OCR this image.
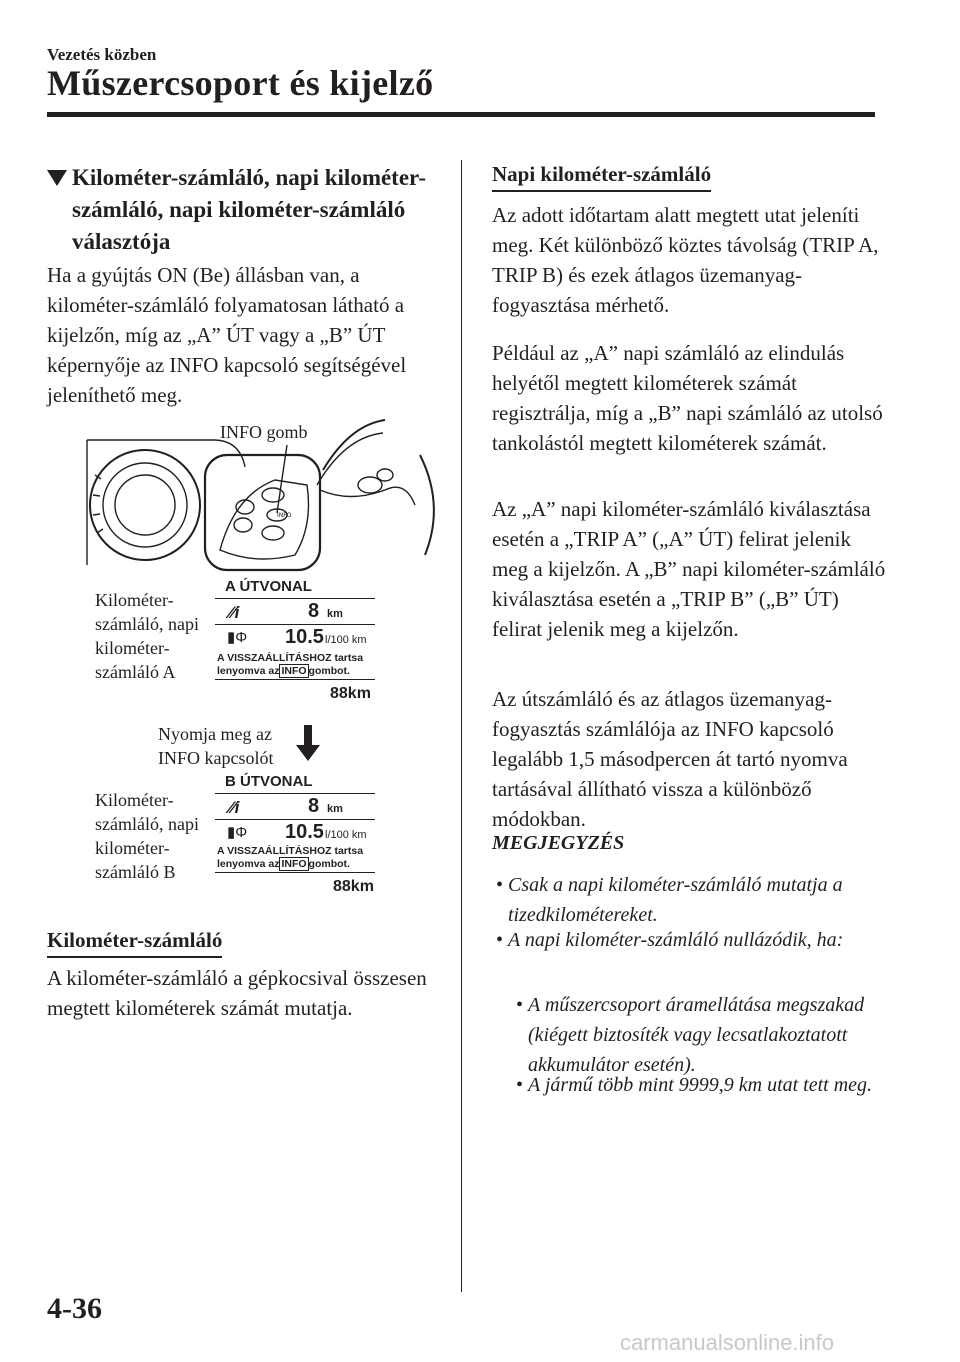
Vezetés közben
Műszercsoport és kijelző
Kilométer-számláló, napi kilométer-számláló, napi kilométer-számláló választója
Ha a gyújtás ON (Be) állásban van, a kilométer-számláló folyamatosan látható a kijelzőn, míg az „A” ÚT vagy a „B” ÚT képernyője az INFO kapcsoló segítségével jeleníthető meg.
INFO
INFO gomb
Kilométer-számláló, napi kilométer-számláló A
A ÚTVONAL
⁄⁄i	8 km
▮Φ 10.5 l/100 km
A VISSZAÁLLÍTÁSHOZ tartsa
lenyomva az INFO gombot.
88km
Nyomja meg az INFO kapcsolót
Kilométer-számláló, napi kilométer-számláló B
B ÚTVONAL
⁄⁄i	8 km
▮Φ 10.5 l/100 km
A VISSZAÁLLÍTÁSHOZ tartsa
lenyomva az INFO gombot.
88km
Kilométer-számláló
A kilométer-számláló a gépkocsival összesen megtett kilométerek számát mutatja.
Napi kilométer-számláló
Az adott időtartam alatt megtett utat jeleníti meg. Két különböző köztes távolság (TRIP A, TRIP B) és ezek átlagos üzemanyag-fogyasztása mérhető.
Például az „A” napi számláló az elindulás helyétől megtett kilométerek számát regisztrálja, míg a „B” napi számláló az utolsó tankolástól megtett kilométerek számát.
Az „A” napi kilométer-számláló kiválasztása esetén a „TRIP A” („A” ÚT) felirat jelenik meg a kijelzőn. A „B” napi kilométer-számláló kiválasztása esetén a „TRIP B” („B” ÚT) felirat jelenik meg a kijelzőn.
Az útszámláló és az átlagos üzemanyag-fogyasztás számlálója az INFO kapcsoló legalább 1,5 másodpercen át tartó nyomva tartásával állítható vissza a különböző módokban.
MEGJEGYZÉS
• Csak a napi kilométer-számláló mutatja a tizedkilométereket.
• A napi kilométer-számláló nullázódik, ha:
• A műszercsoport áramellátása megszakad (kiégett biztosíték vagy lecsatlakoztatott akkumulátor esetén).
• A jármű több mint 9999,9 km utat tett meg.
4-36
carmanualsonline.info
